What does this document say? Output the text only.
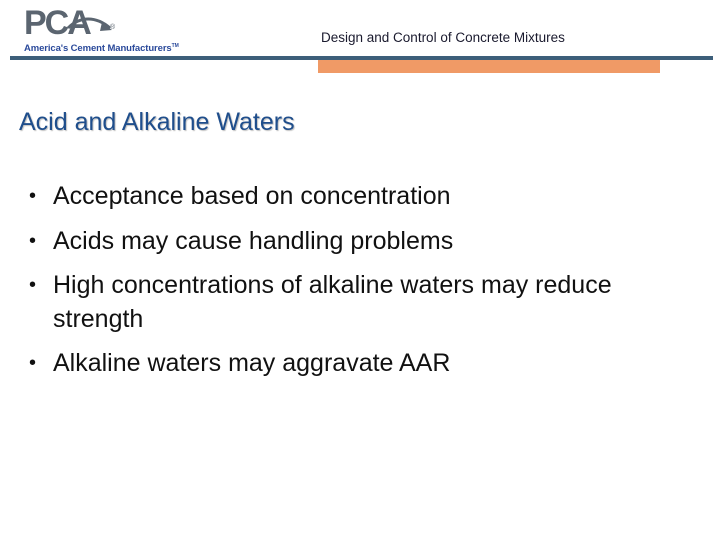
PCA	®
America's Cement Manufacturers™
Design and Control of Concrete Mixtures
Acid and Alkaline Waters
• Acceptance based on concentration
• Acids may cause handling problems
• High concentrations of alkaline waters may reduce strength
• Alkaline waters may aggravate AAR
